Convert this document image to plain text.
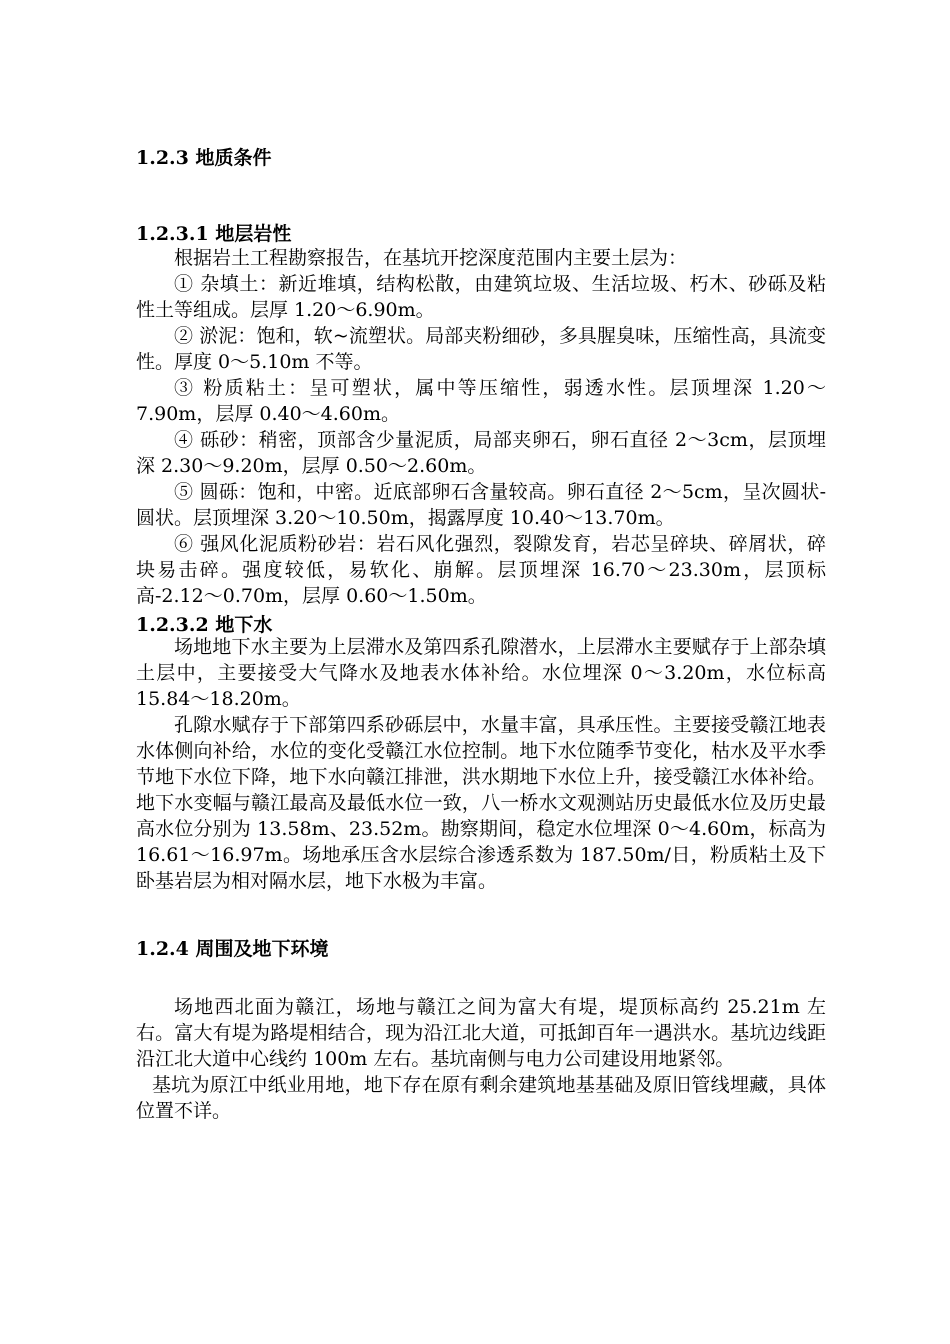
1.2.3 地质条件
1.2.3.1 地层岩性

根据岩土工程勘察报告，在基坑开挖深度范围内主要土层为：

① 杂填土：新近堆填，结构松散，由建筑垃圾、生活垃圾、朽木、砂砾及粘性土等组成。层厚 1.20～6.90m。

② 淤泥：饱和，软~流塑状。局部夹粉细砂，多具腥臭味，压缩性高，具流变性。厚度 0～5.10m 不等。

③ 粉质粘土：呈可塑状，属中等压缩性，弱透水性。层顶埋深 1.20～7.90m，层厚 0.40～4.60m。

④ 砾砂：稍密，顶部含少量泥质，局部夹卵石，卵石直径 2～3cm，层顶埋深 2.30～9.20m，层厚 0.50～2.60m。

⑤ 圆砾：饱和，中密。近底部卵石含量较高。卵石直径 2～5cm，呈次圆状-圆状。层顶埋深 3.20～10.50m，揭露厚度 10.40～13.70m。

⑥ 强风化泥质粉砂岩：岩石风化强烈，裂隙发育，岩芯呈碎块、碎屑状，碎块易击碎。强度较低，易软化、崩解。层顶埋深 16.70～23.30m，层顶标高-2.12～0.70m，层厚 0.60～1.50m。

1.2.3.2 地下水

场地地下水主要为上层滞水及第四系孔隙潜水，上层滞水主要赋存于上部杂填土层中，主要接受大气降水及地表水体补给。水位埋深 0～3.20m，水位标高 15.84～18.20m。

孔隙水赋存于下部第四系砂砾层中，水量丰富，具承压性。主要接受赣江地表水体侧向补给，水位的变化受赣江水位控制。地下水位随季节变化，枯水及平水季节地下水位下降，地下水向赣江排泄，洪水期地下水位上升，接受赣江水体补给。地下水变幅与赣江最高及最低水位一致，八一桥水文观测站历史最低水位及历史最高水位分别为 13.58m、23.52m。勘察期间，稳定水位埋深 0～4.60m，标高为 16.61～16.97m。场地承压含水层综合渗透系数为 187.50m/日，粉质粘土及下卧基岩层为相对隔水层，地下水极为丰富。

1.2.4 周围及地下环境

场地西北面为赣江，场地与赣江之间为富大有堤，堤顶标高约 25.21m 左右。富大有堤为路堤相结合，现为沿江北大道，可抵卸百年一遇洪水。基坑边线距沿江北大道中心线约 100m 左右。基坑南侧与电力公司建设用地紧邻。

基坑为原江中纸业用地，地下存在原有剩余建筑地基基础及原旧管线埋藏，具体位置不详。
